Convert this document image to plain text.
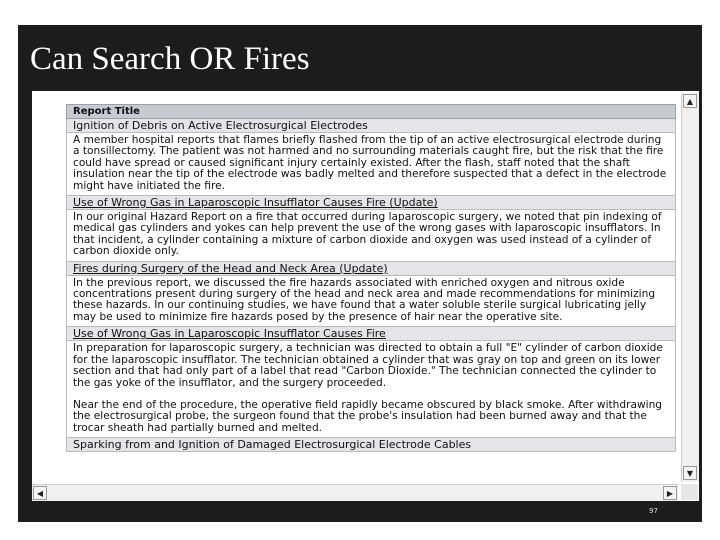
Can Search OR Fires
Report Title
Ignition of Debris on Active Electrosurgical Electrodes

A member hospital reports that flames briefly flashed from the tip of an active electrosurgical electrode during a tonsillectomy. The patient was not harmed and no surrounding materials caught fire, but the risk that the fire could have spread or caused significant injury certainly existed. After the flash, staff noted that the shaft insulation near the tip of the electrode was badly melted and therefore suspected that a defect in the electrode might have initiated the fire.

Use of Wrong Gas in Laparoscopic Insufflator Causes Fire (Update)

In our original Hazard Report on a fire that occurred during laparoscopic surgery, we noted that pin indexing of medical gas cylinders and yokes can help prevent the use of the wrong gases with laparoscopic insufflators. In that incident, a cylinder containing a mixture of carbon dioxide and oxygen was used instead of a cylinder of carbon dioxide only.

Fires during Surgery of the Head and Neck Area (Update)

In the previous report, we discussed the fire hazards associated with enriched oxygen and nitrous oxide concentrations present during surgery of the head and neck area and made recommendations for minimizing these hazards. In our continuing studies, we have found that a water soluble sterile surgical lubricating jelly may be used to minimize fire hazards posed by the presence of hair near the operative site.

Use of Wrong Gas in Laparoscopic Insufflator Causes Fire

In preparation for laparoscopic surgery, a technician was directed to obtain a full "E" cylinder of carbon dioxide for the laparoscopic insufflator. The technician obtained a cylinder that was gray on top and green on its lower section and that had only part of a label that read "Carbon Dioxide." The technician connected the cylinder to the gas yoke of the insufflator, and the surgery proceeded.

Near the end of the procedure, the operative field rapidly became obscured by black smoke. After withdrawing the electrosurgical probe, the surgeon found that the probe's insulation had been burned away and that the trocar sheath had partially burned and melted.

Sparking from and Ignition of Damaged Electrosurgical Electrode Cables
▲
▼
◀	▶
97
